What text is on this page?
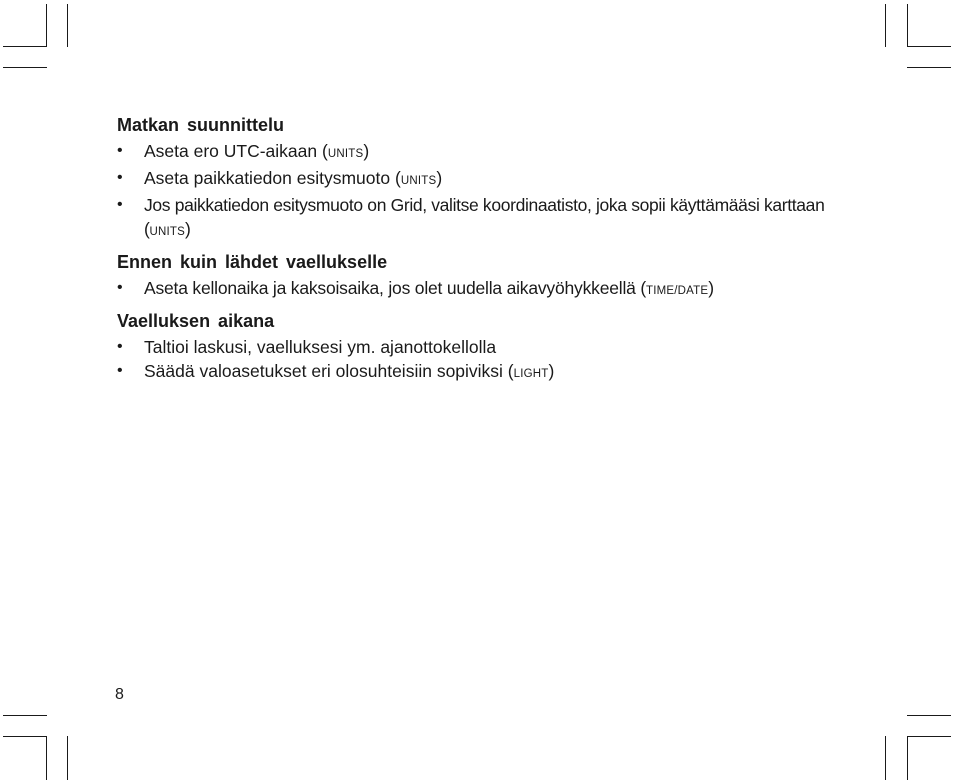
Matkan suunnittelu
• Aseta ero UTC-aikaan (UNITS)
• Aseta paikkatiedon esitysmuoto (UNITS)
• Jos paikkatiedon esitysmuoto on Grid, valitse koordinaatisto, joka sopii käyttämääsi karttaan (UNITS)
Ennen kuin lähdet vaellukselle
• Aseta kellonaika ja kaksoisaika, jos olet uudella aikavyöhykkeellä (TIME/DATE)
Vaelluksen aikana
• Taltioi laskusi, vaelluksesi ym. ajanottokellolla
• Säädä valoasetukset eri olosuhteisiin sopiviksi (LIGHT)
8
